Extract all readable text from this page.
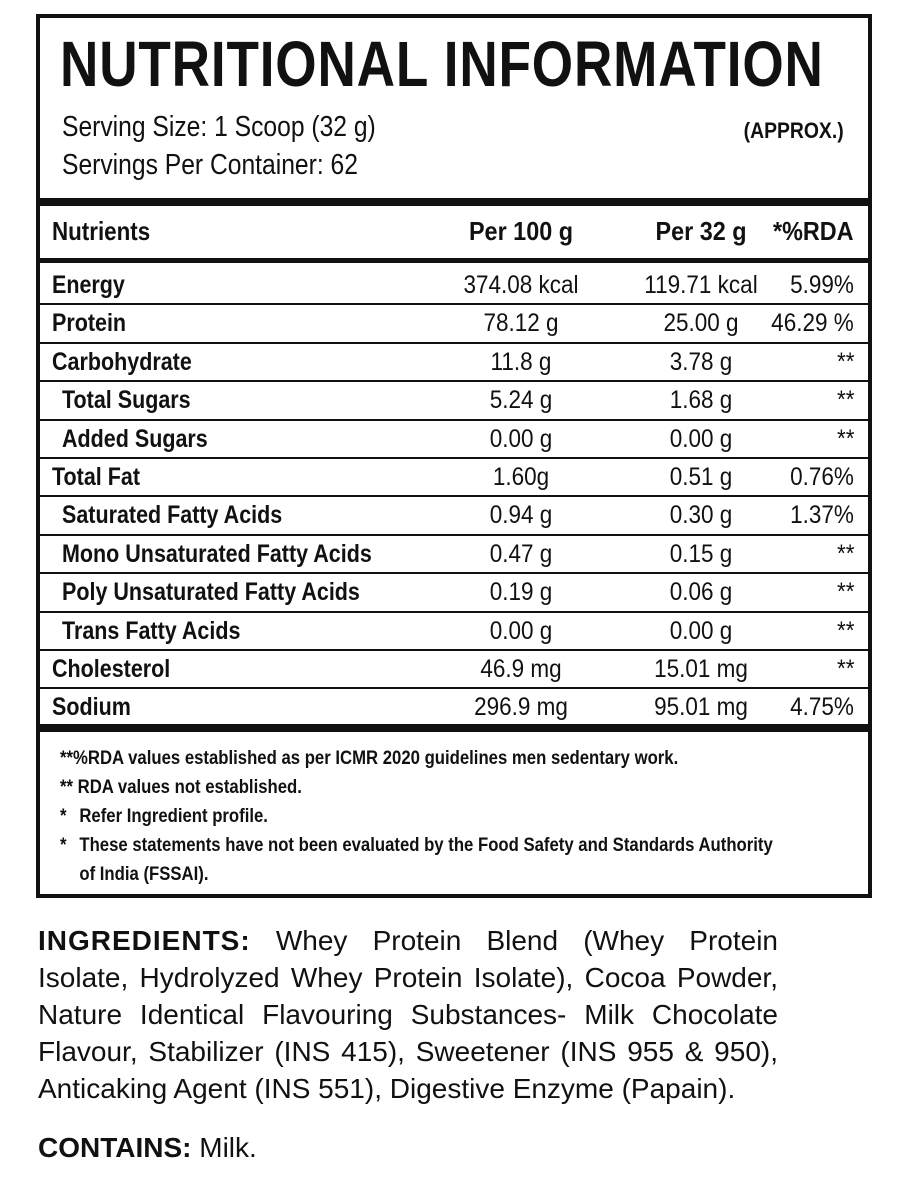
NUTRITIONAL INFORMATION
Serving Size: 1 Scoop (32 g)
Servings Per Container: 62
(APPROX.)
Nutrients	Per 100 g	Per 32 g	*%RDA
Energy	374.08 kcal	119.71 kcal	5.99%
Protein	78.12 g	25.00 g	46.29 %
Carbohydrate	11.8 g	3.78 g	**
Total Sugars	5.24 g	1.68 g	**
Added Sugars	0.00 g	0.00 g	**
Total Fat	1.60g	0.51 g	0.76%
Saturated Fatty Acids	0.94 g	0.30 g	1.37%
Mono Unsaturated Fatty Acids	0.47 g	0.15 g	**
Poly Unsaturated Fatty Acids	0.19 g	0.06 g	**
Trans Fatty Acids	0.00 g	0.00 g	**
Cholesterol	46.9 mg	15.01 mg	**
Sodium	296.9 mg	95.01 mg	4.75%
**%RDA values established as per ICMR 2020 guidelines men sedentary work.
** RDA values not established.
* Refer Ingredient profile.
* These statements have not been evaluated by the Food Safety and Standards Authority
of India (FSSAI).
INGREDIENTS: Whey Protein Blend (Whey Protein Isolate, Hydrolyzed Whey Protein Isolate), Cocoa Powder, Nature Identical Flavouring Substances- Milk Chocolate Flavour, Stabilizer (INS 415), Sweetener (INS 955 & 950), Anticaking Agent (INS 551), Digestive Enzyme (Papain).
CONTAINS: Milk.
